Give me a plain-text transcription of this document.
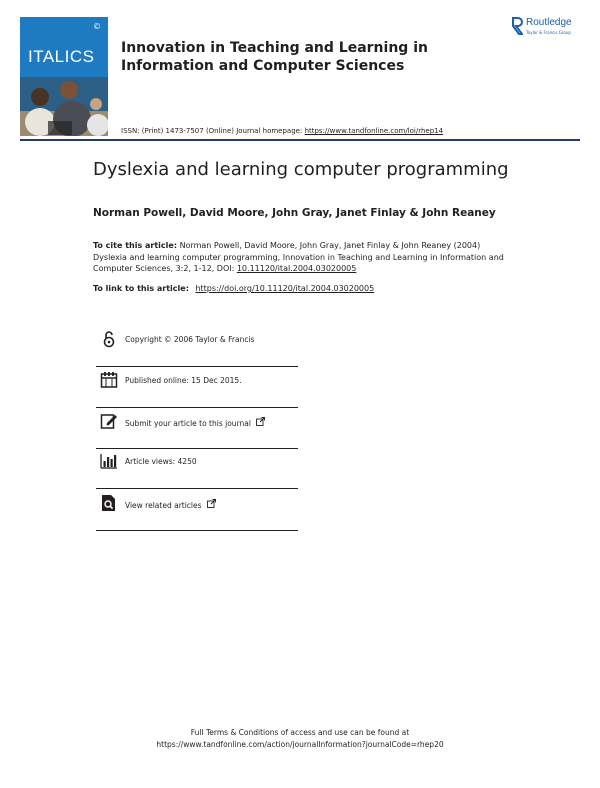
©
ITALICS Innovation in Teaching and Learning in Information and Computer Sciences
Routledge
Taylor & Francis Group
ISSN: (Print) 1473-7507 (Online) Journal homepage: https://www.tandfonline.com/loi/rhep14
Dyslexia and learning computer programming
Norman Powell, David Moore, John Gray, Janet Finlay & John Reaney
To cite this article: Norman Powell, David Moore, John Gray, Janet Finlay & John Reaney (2004) Dyslexia and learning computer programming, Innovation in Teaching and Learning in Information and Computer Sciences, 3:2, 1-12, DOI: 10.11120/ital.2004.03020005
To link to this article: https://doi.org/10.11120/ital.2004.03020005
Copyright © 2006 Taylor & Francis
Published online: 15 Dec 2015.
Submit your article to this journal
Article views: 4250
View related articles
Full Terms & Conditions of access and use can be found at
https://www.tandfonline.com/action/journalInformation?journalCode=rhep20
